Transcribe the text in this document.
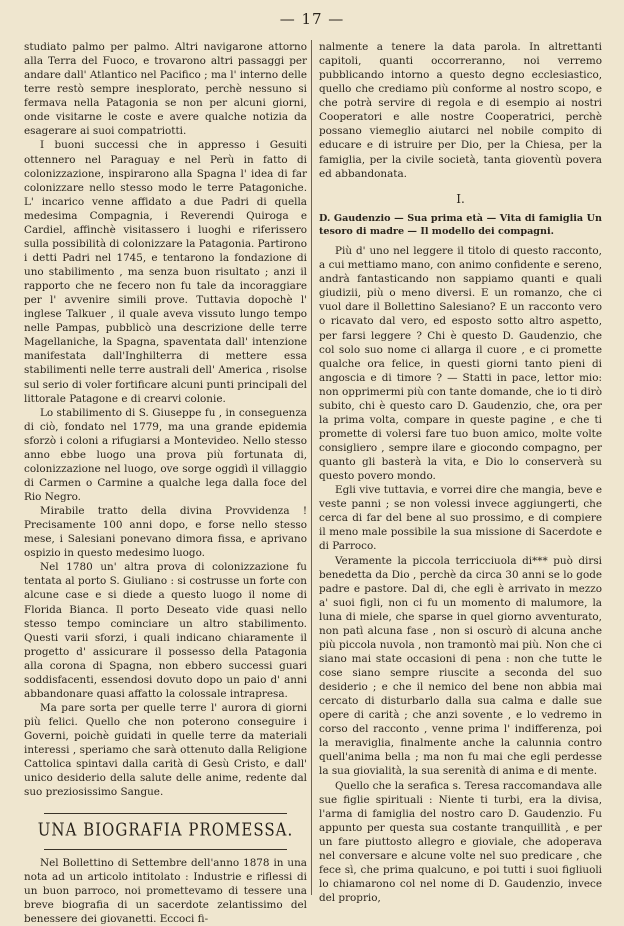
— 17 —

studiato palmo per palmo. Altri navigarone attorno alla Terra del Fuoco, e trovarono altri passaggi per andare dall' Atlantico nel Pacifico ; ma l' interno delle terre restò sempre inesplorato, perchè nessuno si fermava nella Patagonia se non per alcuni giorni, onde visitarne le coste e avere qualche notizia da esagerare ai suoi compatriotti.

I buoni successi che in appresso i Gesuiti ottennero nel Paraguay e nel Perù in fatto di colonizzazione, inspirarono alla Spagna l' idea di far colonizzare nello stesso modo le terre Patagoniche. L' incarico venne affidato a due Padri di quella medesima Compagnia, i Reverendi Quiroga e Cardiel, affinchè visitassero i luoghi e riferissero sulla possibilità di colonizzare la Patagonia. Partirono i detti Padri nel 1745, e tentarono la fondazione di uno stabilimento , ma senza buon risultato ; anzi il rapporto che ne fecero non fu tale da incoraggiare per l' avvenire simili prove. Tuttavia dopochè l' inglese Talkuer , il quale aveva vissuto lungo tempo nelle Pampas, pubblicò una descrizione delle terre Magellaniche, la Spagna, spaventata dall' intenzione manifestata dall'Inghilterra di mettere essa stabilimenti nelle terre australi dell' America , risolse sul serio di voler fortificare alcuni punti principali del littorale Patagone e di crearvi colonie.

Lo stabilimento di S. Giuseppe fu , in conseguenza di ciò, fondato nel 1779, ma una grande epidemia sforzò i coloni a rifugiarsi a Montevideo. Nello stesso anno ebbe luogo una prova più fortunata di, colonizzazione nel luogo, ove sorge oggidì il villaggio di Carmen o Carmine a qualche lega dalla foce del Rio Negro.

Mirabile tratto della divina Provvidenza ! Precisamente 100 anni dopo, e forse nello stesso mese, i Salesiani ponevano dimora fissa, e aprivano ospizio in questo medesimo luogo.

Nel 1780 un' altra prova di colonizzazione fu tentata al porto S. Giuliano : si costrusse un forte con alcune case e si diede a questo luogo il nome di Florida Bianca. Il porto Deseato vide quasi nello stesso tempo cominciare un altro stabilimento. Questi varii sforzi, i quali indicano chiaramente il progetto d' assicurare il possesso della Patagonia alla corona di Spagna, non ebbero successi guari soddisfacenti, essendosi dovuto dopo un paio d' anni abbandonare quasi affatto la colossale intrapresa.

Ma pare sorta per quelle terre l' aurora di giorni più felici. Quello che non poterono conseguire i Governi, poichè guidati in quelle terre da materiali interessi , speriamo che sarà ottenuto dalla Religione Cattolica spintavi dalla carità di Gesù Cristo, e dall' unico desiderio della salute delle anime, redente dal suo preziosissimo Sangue.

UNA BIOGRAFIA PROMESSA.

Nel Bollettino di Settembre dell'anno 1878 in una nota ad un articolo intitolato : Industrie e riflessi di un buon parroco, noi promettevamo di tessere una breve biografia di un sacerdote zelantissimo del benessere dei giovanetti. Eccoci fi-

nalmente a tenere la data parola. In altrettanti capitoli, quanti occorreranno, noi verremo pubblicando intorno a questo degno ecclesiastico, quello che crediamo più conforme al nostro scopo, e che potrà servire di regola e di esempio ai nostri Cooperatori e alle nostre Cooperatrici, perchè possano viemeglio aiutarci nel nobile compito di educare e di istruire per Dio, per la Chiesa, per la famiglia, per la civile società, tanta gioventù povera ed abbandonata.

I.
D. Gaudenzio — Sua prima età — Vita di famiglia Un tesoro di madre — Il modello dei compagni.

Più d' uno nel leggere il titolo di questo racconto, a cui mettiamo mano, con animo confidente e sereno, andrà fantasticando non sappiamo quanti e quali giudizii, più o meno diversi. E un romanzo, che ci vuol dare il Bollettino Salesiano? E un racconto vero o ricavato dal vero, ed esposto sotto altro aspetto, per farsi leggere ? Chi è questo D. Gaudenzio, che col solo suo nome ci allarga il cuore , e ci promette qualche ora felice, in questi giorni tanto pieni di angoscia e di timore ? — Statti in pace, lettor mio: non opprimermi più con tante domande, che io ti dirò subito, chi è questo caro D. Gaudenzio, che, ora per la prima volta, compare in queste pagine , e che ti promette di volersi fare tuo buon amico, molte volte consigliero , sempre ilare e giocondo compagno, per quanto gli basterà la vita, e Dio lo conserverà su questo povero mondo.

Egli vive tuttavia, e vorrei dire che mangia, beve e veste panni ; se non volessi invece aggiungerti, che cerca di far del bene al suo prossimo, e di compiere il meno male possibile la sua missione di Sacerdote e di Parroco.

Veramente la piccola terricciuola di*** può dirsi benedetta da Dio , perchè da circa 30 anni se lo gode padre e pastore. Dal di, che egli è arrivato in mezzo a' suoi figli, non ci fu un momento di malumore, la luna di miele, che sparse in quel giorno avventurato, non patì alcuna fase , non si oscurò di alcuna anche più piccola nuvola , non tramontò mai più. Non che ci siano mai state occasioni di pena : non che tutte le cose siano sempre riuscite a seconda del suo desiderio ; e che il nemico del bene non abbia mai cercato di disturbarlo dalla sua calma e dalle sue opere di carità ; che anzi sovente , e lo vedremo in corso del racconto , venne prima l' indifferenza, poi la meraviglia, finalmente anche la calunnia contro quell'anima bella ; ma non fu mai che egli perdesse la sua giovialità, la sua serenità di anima e di mente.

Quello che la serafica s. Teresa raccomandava alle sue figlie spirituali : Niente ti turbi, era la divisa, l'arma di famiglia del nostro caro D. Gaudenzio. Fu appunto per questa sua costante tranquillità , e per un fare piuttosto allegro e gioviale, che adoperava nel conversare e alcune volte nel suo predicare , che fece sì, che prima qualcuno, e poi tutti i suoi figliuoli lo chiamarono col nel nome di D. Gaudenzio, invece del proprio,
